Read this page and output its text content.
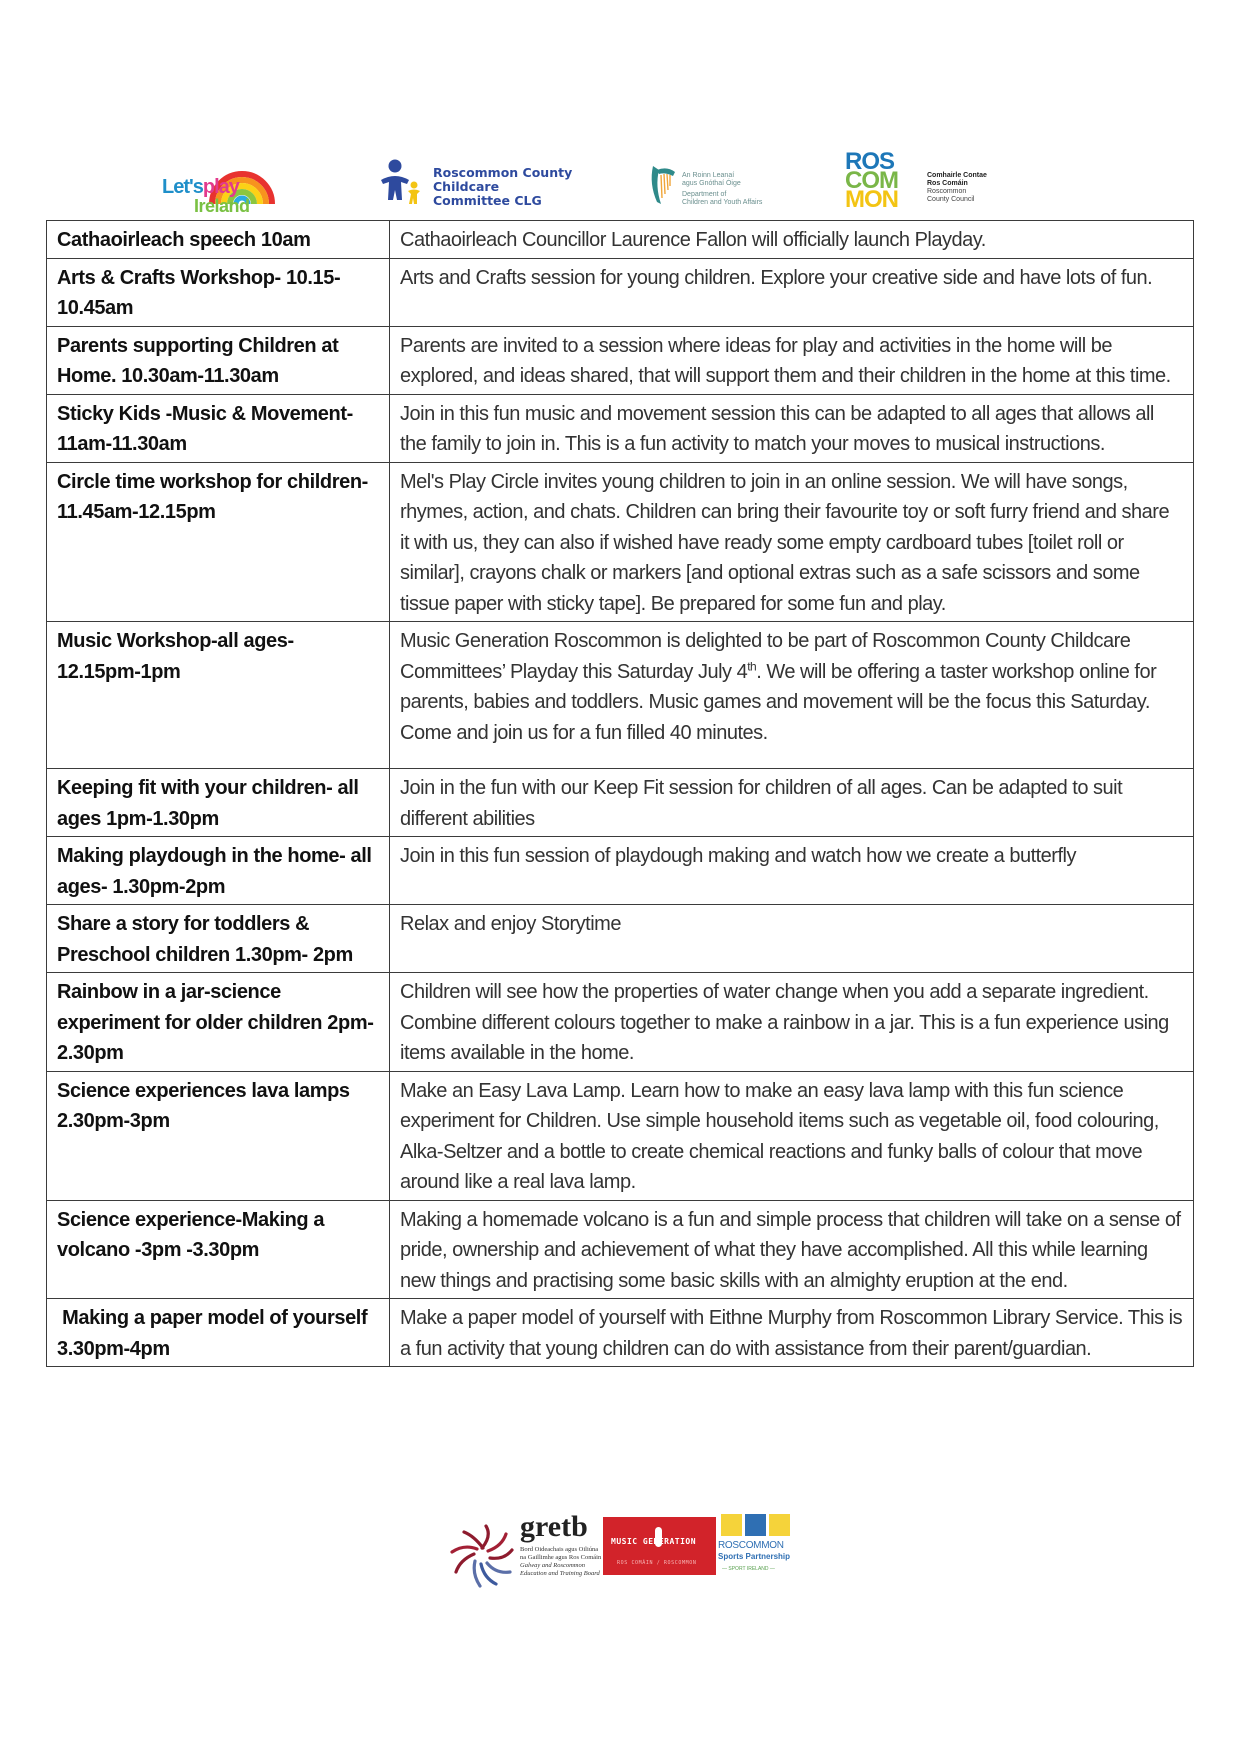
Let'splay
Ireland
Roscommon County
Childcare
Committee CLG
An Roinn Leanaí
agus Gnóthaí Óige
Department of
Children and Youth Affairs
ROS
COM
MON
Comhairle Contae
Ros Comáin
Roscommon
County Council
Cathaoirleach speech 10am	Cathaoirleach Councillor Laurence Fallon will officially launch Playday.
Arts & Crafts Workshop- 10.15- 10.45am	Arts and Crafts session for young children. Explore your creative side and have lots of fun.
Parents supporting Children at Home. 10.30am-11.30am	Parents are invited to a session where ideas for play and activities in the home will be explored, and ideas shared, that will support them and their children in the home at this time.
Sticky Kids -Music & Movement- 11am-11.30am	Join in this fun music and movement session this can be adapted to all ages that allows all the family to join in. This is a fun activity to match your moves to musical instructions.
Circle time workshop for children-11.45am-12.15pm	Mel's Play Circle invites young children to join in an online session. We will have songs, rhymes, action, and chats. Children can bring their favourite toy or soft furry friend and share it with us, they can also if wished have ready some empty cardboard tubes [toilet roll or similar], crayons chalk or markers [and optional extras such as a safe scissors and some tissue paper with sticky tape]. Be prepared for some fun and play.
Music Workshop-all ages- 12.15pm-1pm	Music Generation Roscommon is delighted to be part of Roscommon County Childcare Committees’ Playday this Saturday July 4th. We will be offering a taster workshop online for parents, babies and toddlers. Music games and movement will be the focus this Saturday. Come and join us for a fun filled 40 minutes.
Keeping fit with your children- all ages 1pm-1.30pm	Join in the fun with our Keep Fit session for children of all ages. Can be adapted to suit different abilities
Making playdough in the home- all ages- 1.30pm-2pm	Join in this fun session of playdough making and watch how we create a butterfly
Share a story for toddlers & Preschool children 1.30pm- 2pm	Relax and enjoy Storytime
Rainbow in a jar-science experiment for older children 2pm- 2.30pm	Children will see how the properties of water change when you add a separate ingredient. Combine different colours together to make a rainbow in a jar. This is a fun experience using items available in the home.
Science experiences lava lamps 2.30pm-3pm	Make an Easy Lava Lamp. Learn how to make an easy lava lamp with this fun science experiment for Children. Use simple household items such as vegetable oil, food colouring, Alka-Seltzer and a bottle to create chemical reactions and funky balls of colour that move around like a real lava lamp.
Science experience-Making a volcano -3pm -3.30pm	Making a homemade volcano is a fun and simple process that children will take on a sense of pride, ownership and achievement of what they have accomplished. All this while learning new things and practising some basic skills with an almighty eruption at the end.
Making a paper model of yourself 3.30pm-4pm	Make a paper model of yourself with Eithne Murphy from Roscommon Library Service. This is a fun activity that young children can do with assistance from their parent/guardian.
gretb
Bord Oideachais agus Oiliúna
na Gaillimhe agus Ros Comáin
Galway and Roscommon
Education and Training Board
MUSIC GENERATION
ROS COMÁIN / ROSCOMMON
ROSCOMMON
Sports Partnership
— SPORT IRELAND —
